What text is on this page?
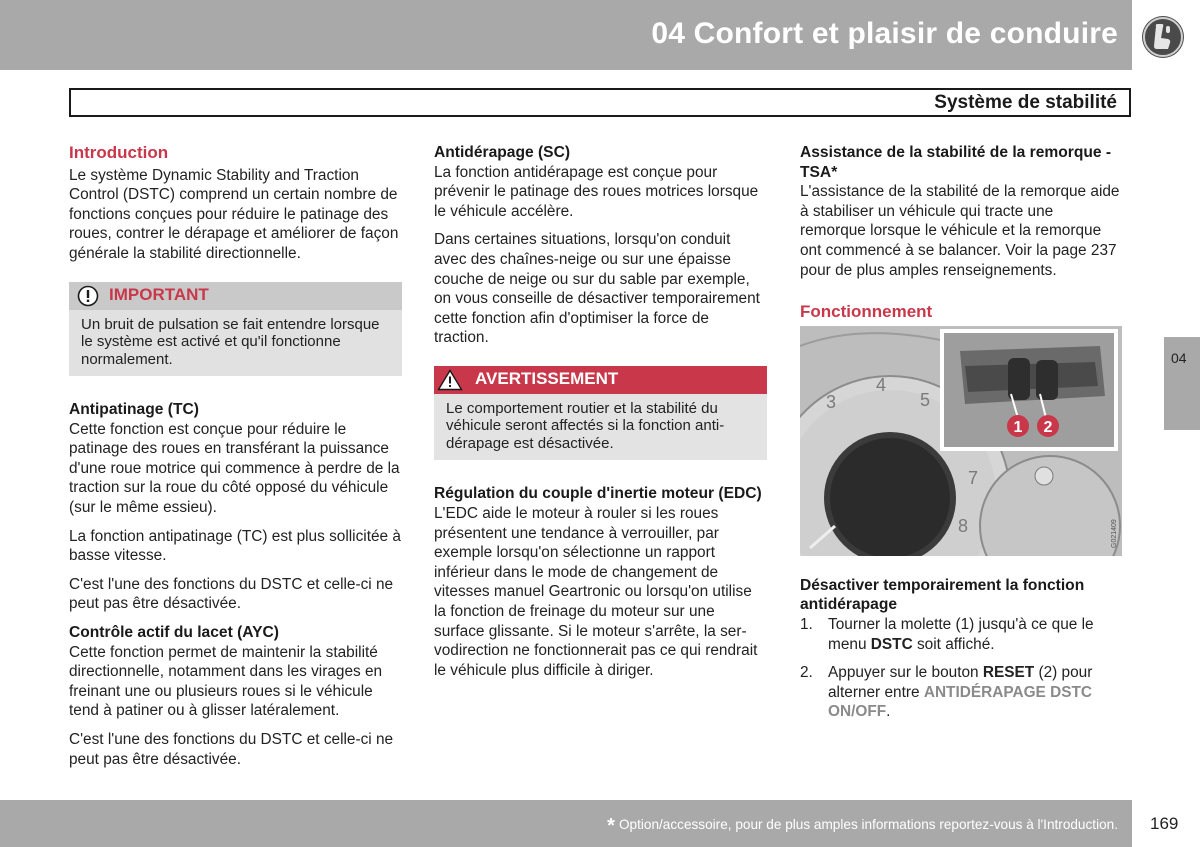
04 Confort et plaisir de conduire
Système de stabilité
Introduction

Le système Dynamic Stability and Traction Control (DSTC) comprend un certain nombre de fonctions conçues pour réduire le patinage des roues, contrer le dérapage et améliorer de façon générale la stabilité directionnelle.

IMPORTANT
Un bruit de pulsation se fait entendre lorsque le système est activé et qu'il fonctionne normalement.
Antipatinage (TC)

Cette fonction est conçue pour réduire le patinage des roues en transférant la puissance d'une roue motrice qui commence à perdre de la traction sur la roue du côté opposé du véhicule (sur le même essieu).

La fonction antipatinage (TC) est plus sollicitée à basse vitesse.

C'est l'une des fonctions du DSTC et celle-ci ne peut pas être désactivée.

Contrôle actif du lacet (AYC)

Cette fonction permet de maintenir la stabilité directionnelle, notamment dans les virages en freinant une ou plusieurs roues si le véhicule tend à patiner ou à glisser latéralement.

C'est l'une des fonctions du DSTC et celle-ci ne peut pas être désactivée.

Antidérapage (SC)

La fonction antidérapage est conçue pour prévenir le patinage des roues motrices lorsque le véhicule accélère.

Dans certaines situations, lorsqu'on conduit avec des chaînes-neige ou sur une épaisse couche de neige ou sur du sable par exemple, on vous conseille de désactiver temporairement cette fonction afin d'optimiser la force de traction.

AVERTISSEMENT
Le comportement routier et la stabilité du véhicule seront affectés si la fonction antidérapage est désactivée.
Régulation du couple d'inertie moteur (EDC)

L'EDC aide le moteur à rouler si les roues présentent une tendance à verrouiller, par exemple lorsqu'on sélectionne un rapport inférieur dans le mode de changement de vitesses manuel Geartronic ou lorsqu'on utilise la fonction de freinage du moteur sur une surface glissante. Si le moteur s'arrête, la servodirection ne fonctionnerait pas ce qui rendrait le véhicule plus difficile à diriger.

Assistance de la stabilité de la remorque - TSA*

L'assistance de la stabilité de la remorque aide à stabiliser un véhicule qui tracte une remorque lorsque le véhicule et la remorque ont commencé à se balancer. Voir la page 237 pour de plus amples renseignements.

Fonctionnement
3
4
5
7
8
1 2
G021409
Désactiver temporairement la fonction antidérapage
1. Tourner la molette (1) jusqu'à ce que le menu DSTC soit affiché.
2. Appuyer sur le bouton RESET (2) pour alterner entre ANTIDÉRAPAGE DSTC ON/OFF.
04
* Option/accessoire, pour de plus amples informations reportez-vous à l'Introduction. 169
